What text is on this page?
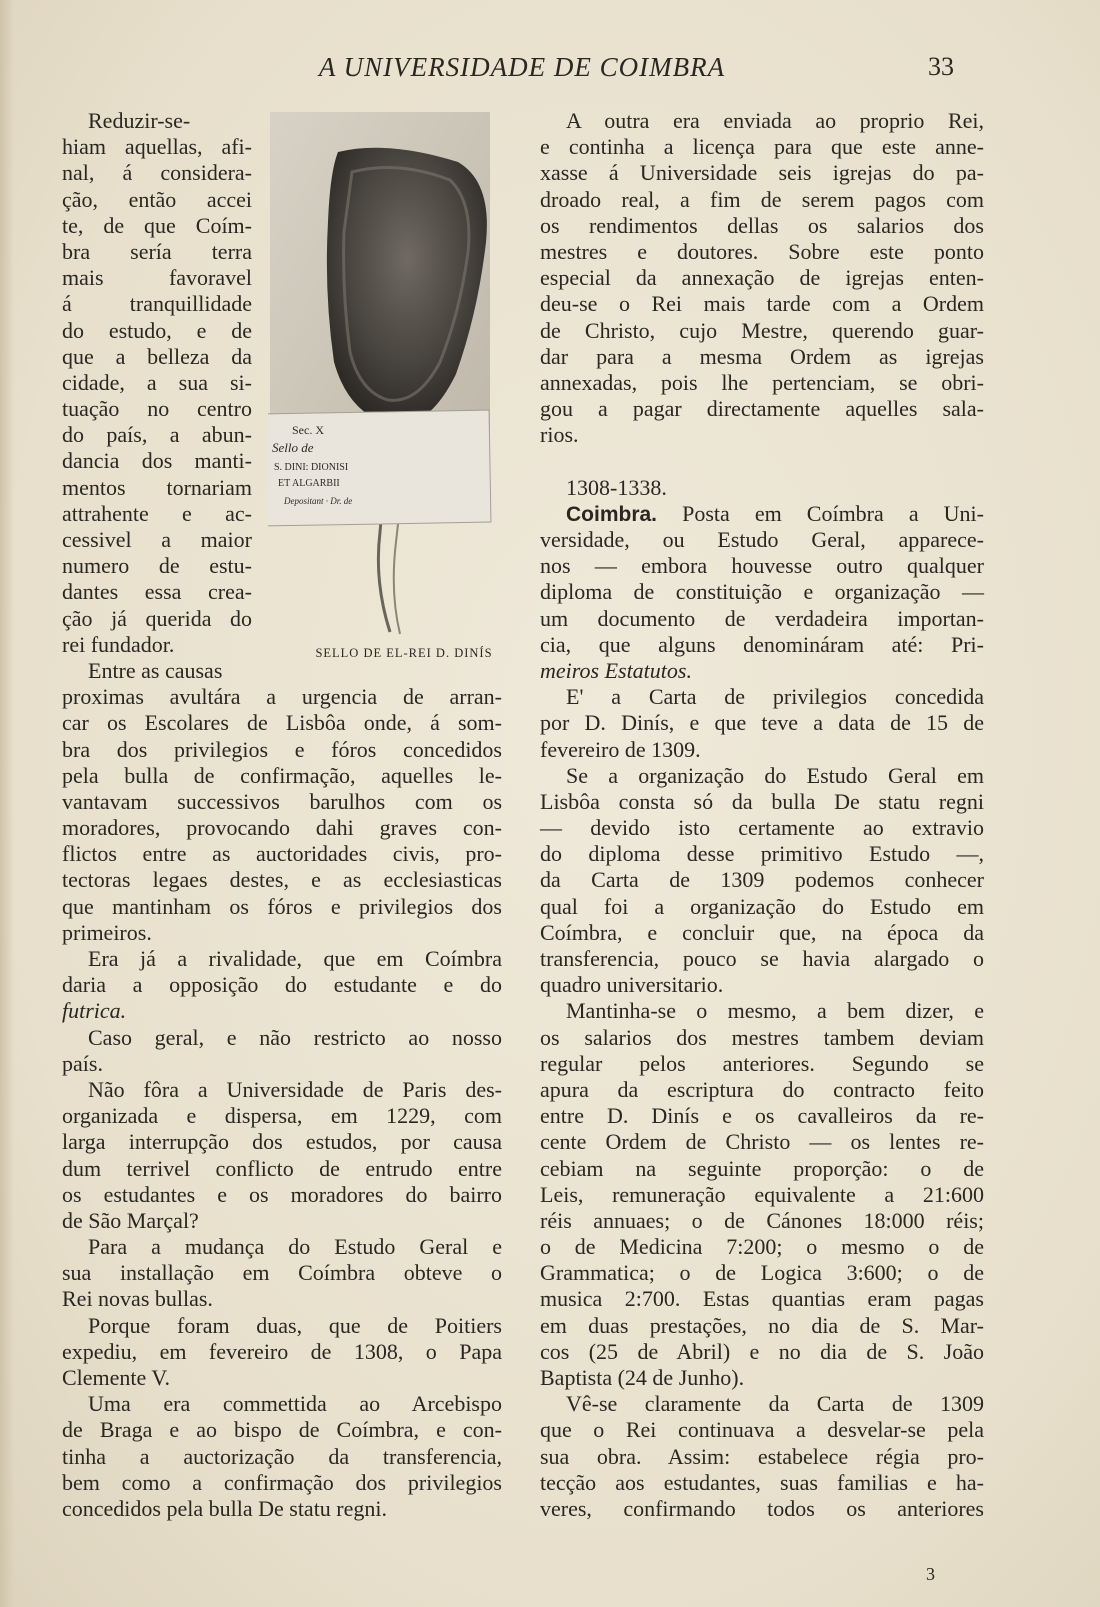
A UNIVERSIDADE DE COIMBRA	33
Sec. X
Sello de
S. DINI: DIONISI
ET ALGARBII
Depositant · Dr. de
SELLO DE EL-REI D. DINÍS
Reduzir-se-
hiam aquellas, afi-
nal, á considera-
ção, então accei
te, de que Coím-
bra sería terra
mais favoravel
á tranquillidade
do estudo, e de
que a belleza da
cidade, a sua si-
tuação no centro
do país, a abun-
dancia dos manti-
mentos tornariam
attrahente e ac-
cessivel a maior
numero de estu-
dantes essa crea-
ção já querida do
rei fundador.
Entre as causas
proximas avultára a urgencia de arran-
car os Escolares de Lisbôa onde, á som-
bra dos privilegios e fóros concedidos
pela bulla de confirmação, aquelles le-
vantavam successivos barulhos com os
moradores, provocando dahi graves con-
flictos entre as auctoridades civis, pro-
tectoras legaes destes, e as ecclesiasticas
que mantinham os fóros e privilegios dos
primeiros.
Era já a rivalidade, que em Coímbra
daria a opposição do estudante e do
futrica.
Caso geral, e não restricto ao nosso
país.
Não fôra a Universidade de Paris des-
organizada e dispersa, em 1229, com
larga interrupção dos estudos, por causa
dum terrivel conflicto de entrudo entre
os estudantes e os moradores do bairro
de São Marçal?
Para a mudança do Estudo Geral e
sua installação em Coímbra obteve o
Rei novas bullas.
Porque foram duas, que de Poitiers
expediu, em fevereiro de 1308, o Papa
Clemente V.
Uma era commettida ao Arcebispo
de Braga e ao bispo de Coímbra, e con-
tinha a auctorização da transferencia,
bem como a confirmação dos privilegios
concedidos pela bulla De statu regni.
A outra era enviada ao proprio Rei,
e continha a licença para que este anne-
xasse á Universidade seis igrejas do pa-
droado real, a fim de serem pagos com
os rendimentos dellas os salarios dos
mestres e doutores. Sobre este ponto
especial da annexação de igrejas enten-
deu-se o Rei mais tarde com a Ordem
de Christo, cujo Mestre, querendo guar-
dar para a mesma Ordem as igrejas
annexadas, pois lhe pertenciam, se obri-
gou a pagar directamente aquelles sala-
rios.
1308-1338.
Coimbra. Posta em Coímbra a Uni-
versidade, ou Estudo Geral, apparece-
nos — embora houvesse outro qualquer
diploma de constituição e organização —
um documento de verdadeira importan-
cia, que alguns denomináram até: Pri-
meiros Estatutos.
E' a Carta de privilegios concedida
por D. Dinís, e que teve a data de 15 de
fevereiro de 1309.
Se a organização do Estudo Geral em
Lisbôa consta só da bulla De statu regni
— devido isto certamente ao extravio
do diploma desse primitivo Estudo —,
da Carta de 1309 podemos conhecer
qual foi a organização do Estudo em
Coímbra, e concluir que, na época da
transferencia, pouco se havia alargado o
quadro universitario.
Mantinha-se o mesmo, a bem dizer, e
os salarios dos mestres tambem deviam
regular pelos anteriores. Segundo se
apura da escriptura do contracto feito
entre D. Dinís e os cavalleiros da re-
cente Ordem de Christo — os lentes re-
cebiam na seguinte proporção: o de
Leis, remuneração equivalente a 21:600
réis annuaes; o de Cánones 18:000 réis;
o de Medicina 7:200; o mesmo o de
Grammatica; o de Logica 3:600; o de
musica 2:700. Estas quantias eram pagas
em duas prestações, no dia de S. Mar-
cos (25 de Abril) e no dia de S. João
Baptista (24 de Junho).
Vê-se claramente da Carta de 1309
que o Rei continuava a desvelar-se pela
sua obra. Assim: estabelece régia pro-
tecção aos estudantes, suas familias e ha-
veres, confirmando todos os anteriores
3
